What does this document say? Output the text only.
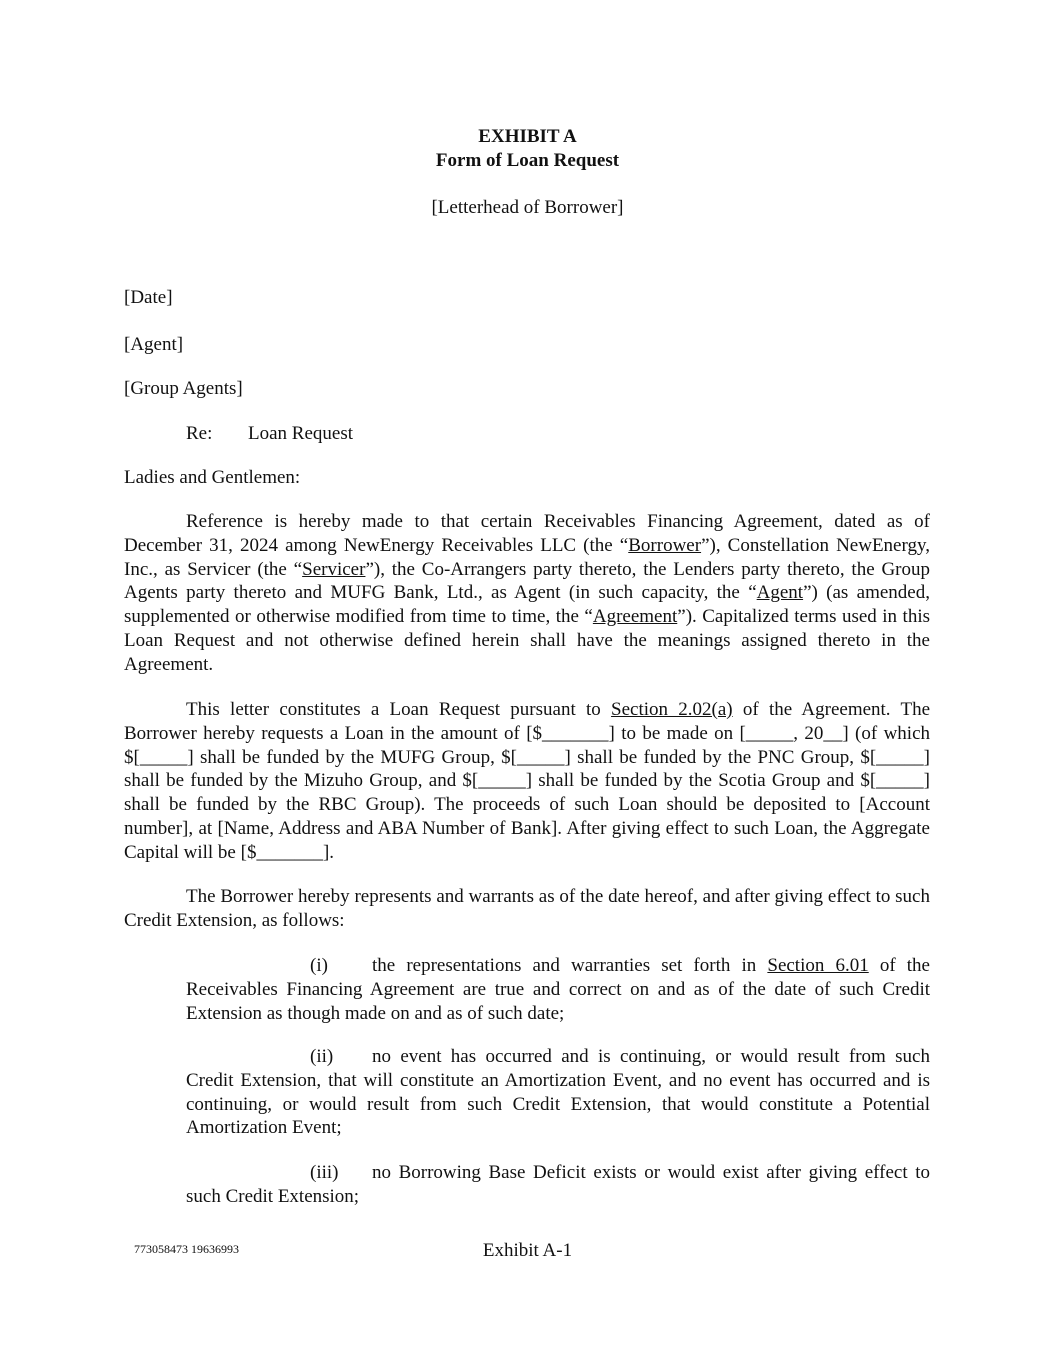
EXHIBIT A
Form of Loan Request
[Letterhead of Borrower]
[Date]
[Agent]
[Group Agents]
Re: Loan Request
Ladies and Gentlemen:
Reference is hereby made to that certain Receivables Financing Agreement, dated as of December 31, 2024 among NewEnergy Receivables LLC (the “Borrower”), Constellation NewEnergy, Inc., as Servicer (the “Servicer”), the Co-Arrangers party thereto, the Lenders party thereto, the Group Agents party thereto and MUFG Bank, Ltd., as Agent (in such capacity, the “Agent”) (as amended, supplemented or otherwise modified from time to time, the “Agreement”). Capitalized terms used in this Loan Request and not otherwise defined herein shall have the meanings assigned thereto in the Agreement.
This letter constitutes a Loan Request pursuant to Section 2.02(a) of the Agreement. The Borrower hereby requests a Loan in the amount of [$_______] to be made on [_____, 20__] (of which $[_____] shall be funded by the MUFG Group, $[_____] shall be funded by the PNC Group, $[_____] shall be funded by the Mizuho Group, and $[_____] shall be funded by the Scotia Group and $[_____] shall be funded by the RBC Group). The proceeds of such Loan should be deposited to [Account number], at [Name, Address and ABA Number of Bank]. After giving effect to such Loan, the Aggregate Capital will be [$_______].
The Borrower hereby represents and warrants as of the date hereof, and after giving effect to such Credit Extension, as follows:
(i) the representations and warranties set forth in Section 6.01 of the Receivables Financing Agreement are true and correct on and as of the date of such Credit Extension as though made on and as of such date;
(ii) no event has occurred and is continuing, or would result from such Credit Extension, that will constitute an Amortization Event, and no event has occurred and is continuing, or would result from such Credit Extension, that would constitute a Potential Amortization Event;
(iii) no Borrowing Base Deficit exists or would exist after giving effect to such Credit Extension;
773058473 19636993	Exhibit A-1
